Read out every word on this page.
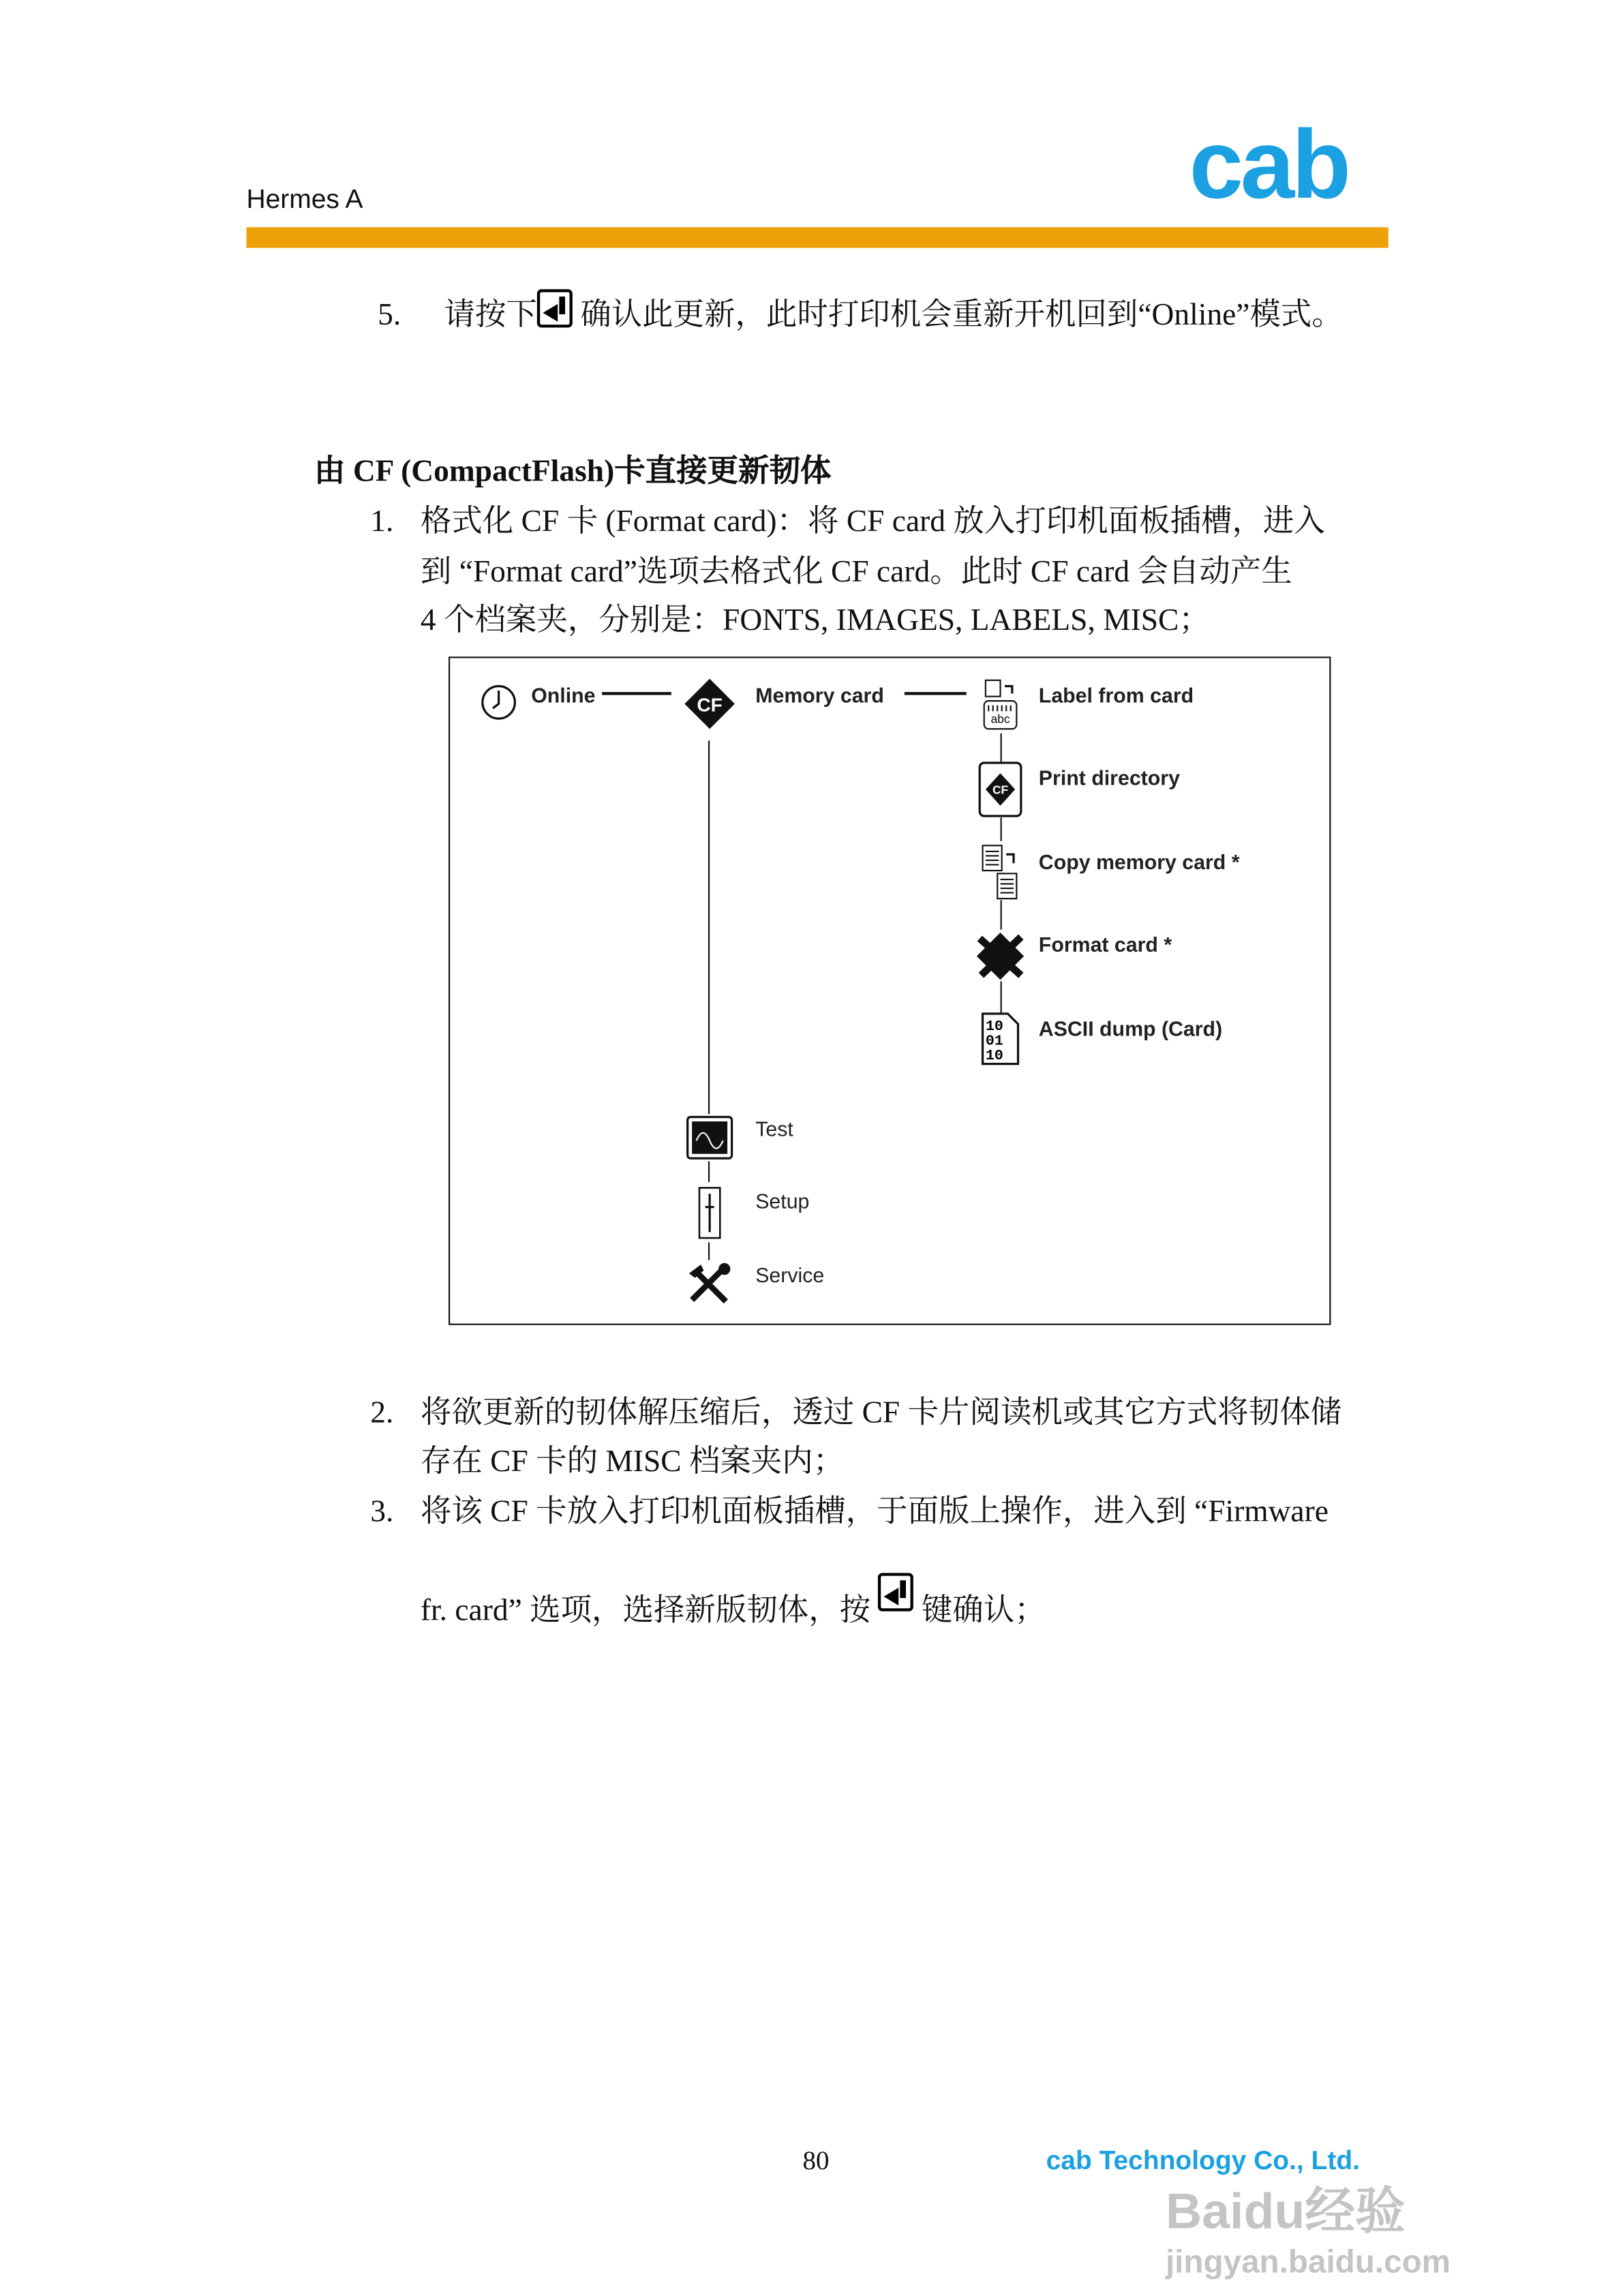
Hermes A	cab
5.	请按下 确认此更新，此时打印机会重新开机回到“Online”模式。
由 CF (CompactFlash)卡直接更新韧体
1. 格式化 CF 卡 (Format card)：将 CF card 放入打印机面板插槽，进入
到 “Format card”选项去格式化 CF card。此时 CF card 会自动产生
4 个档案夹，分别是：FONTS, IMAGES, LABELS, MISC；
Online	CF	Memory card
abc
Label from card
CF
Print directory
Copy memory card *
Format card *
10
01
10
ASCII dump (Card)
Test
Setup
Service
2. 将欲更新的韧体解压缩后，透过 CF 卡片阅读机或其它方式将韧体储
存在 CF 卡的 MISC 档案夹内；
3. 将该 CF 卡放入打印机面板插槽，于面版上操作，进入到 “Firmware
fr. card” 选项，选择新版韧体，按  键确认；
80	cab Technology Co., Ltd.
Baidu经验
jingyan.baidu.com
